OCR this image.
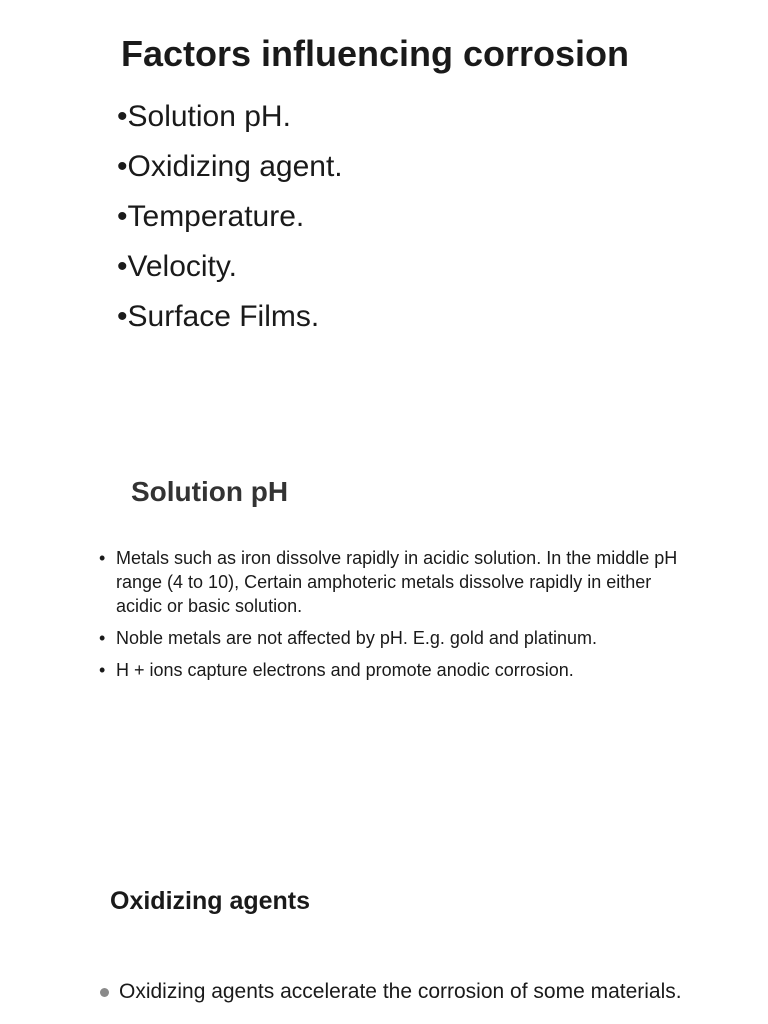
Factors influencing corrosion
•Solution pH.
•Oxidizing agent.
•Temperature.
•Velocity.
•Surface Films.
Solution pH
• Metals such as iron dissolve rapidly in acidic solution. In the middle pH range (4 to 10), Certain amphoteric metals dissolve rapidly in either acidic or basic solution.
• Noble metals are not affected by pH. E.g. gold and platinum.
• H + ions capture electrons and promote anodic corrosion.
Oxidizing agents
Oxidizing agents accelerate the corrosion of some materials.
